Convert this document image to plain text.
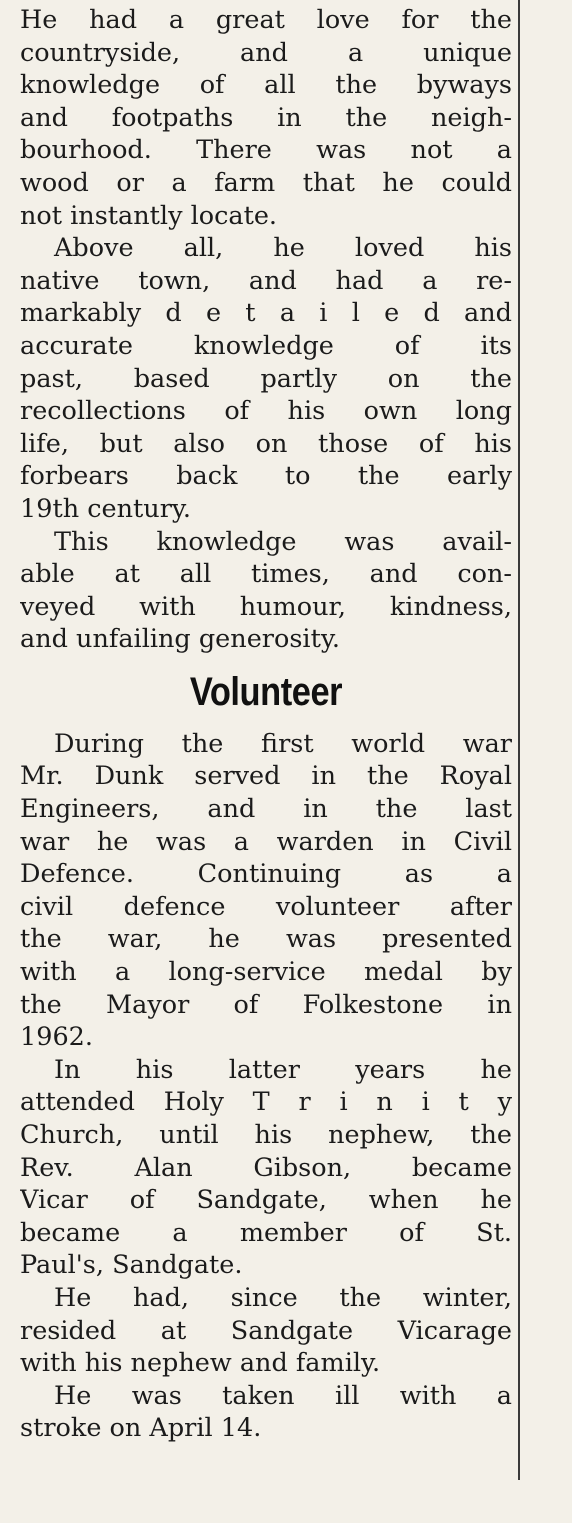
He had a great love for the
countryside, and a unique
knowledge of all the byways
and footpaths in the neigh-
bourhood. There was not a
wood or a farm that he could
not instantly locate.
Above all, he loved his
native town, and had a re-
markably d e t a i l e d and
accurate knowledge of its
past, based partly on the
recollections of his own long
life, but also on those of his
forbears back to the early
19th century.
This knowledge was avail-
able at all times, and con-
veyed with humour, kindness,
and unfailing generosity.
Volunteer
During the first world war
Mr. Dunk served in the Royal
Engineers, and in the last
war he was a warden in Civil
Defence. Continuing as a
civil defence volunteer after
the war, he was presented
with a long-service medal by
the Mayor of Folkestone in
1962.
In his latter years he
attended Holy T r i n i t y
Church, until his nephew, the
Rev. Alan Gibson, became
Vicar of Sandgate, when he
became a member of St.
Paul's, Sandgate.
He had, since the winter,
resided at Sandgate Vicarage
with his nephew and family.
He was taken ill with a
stroke on April 14.
